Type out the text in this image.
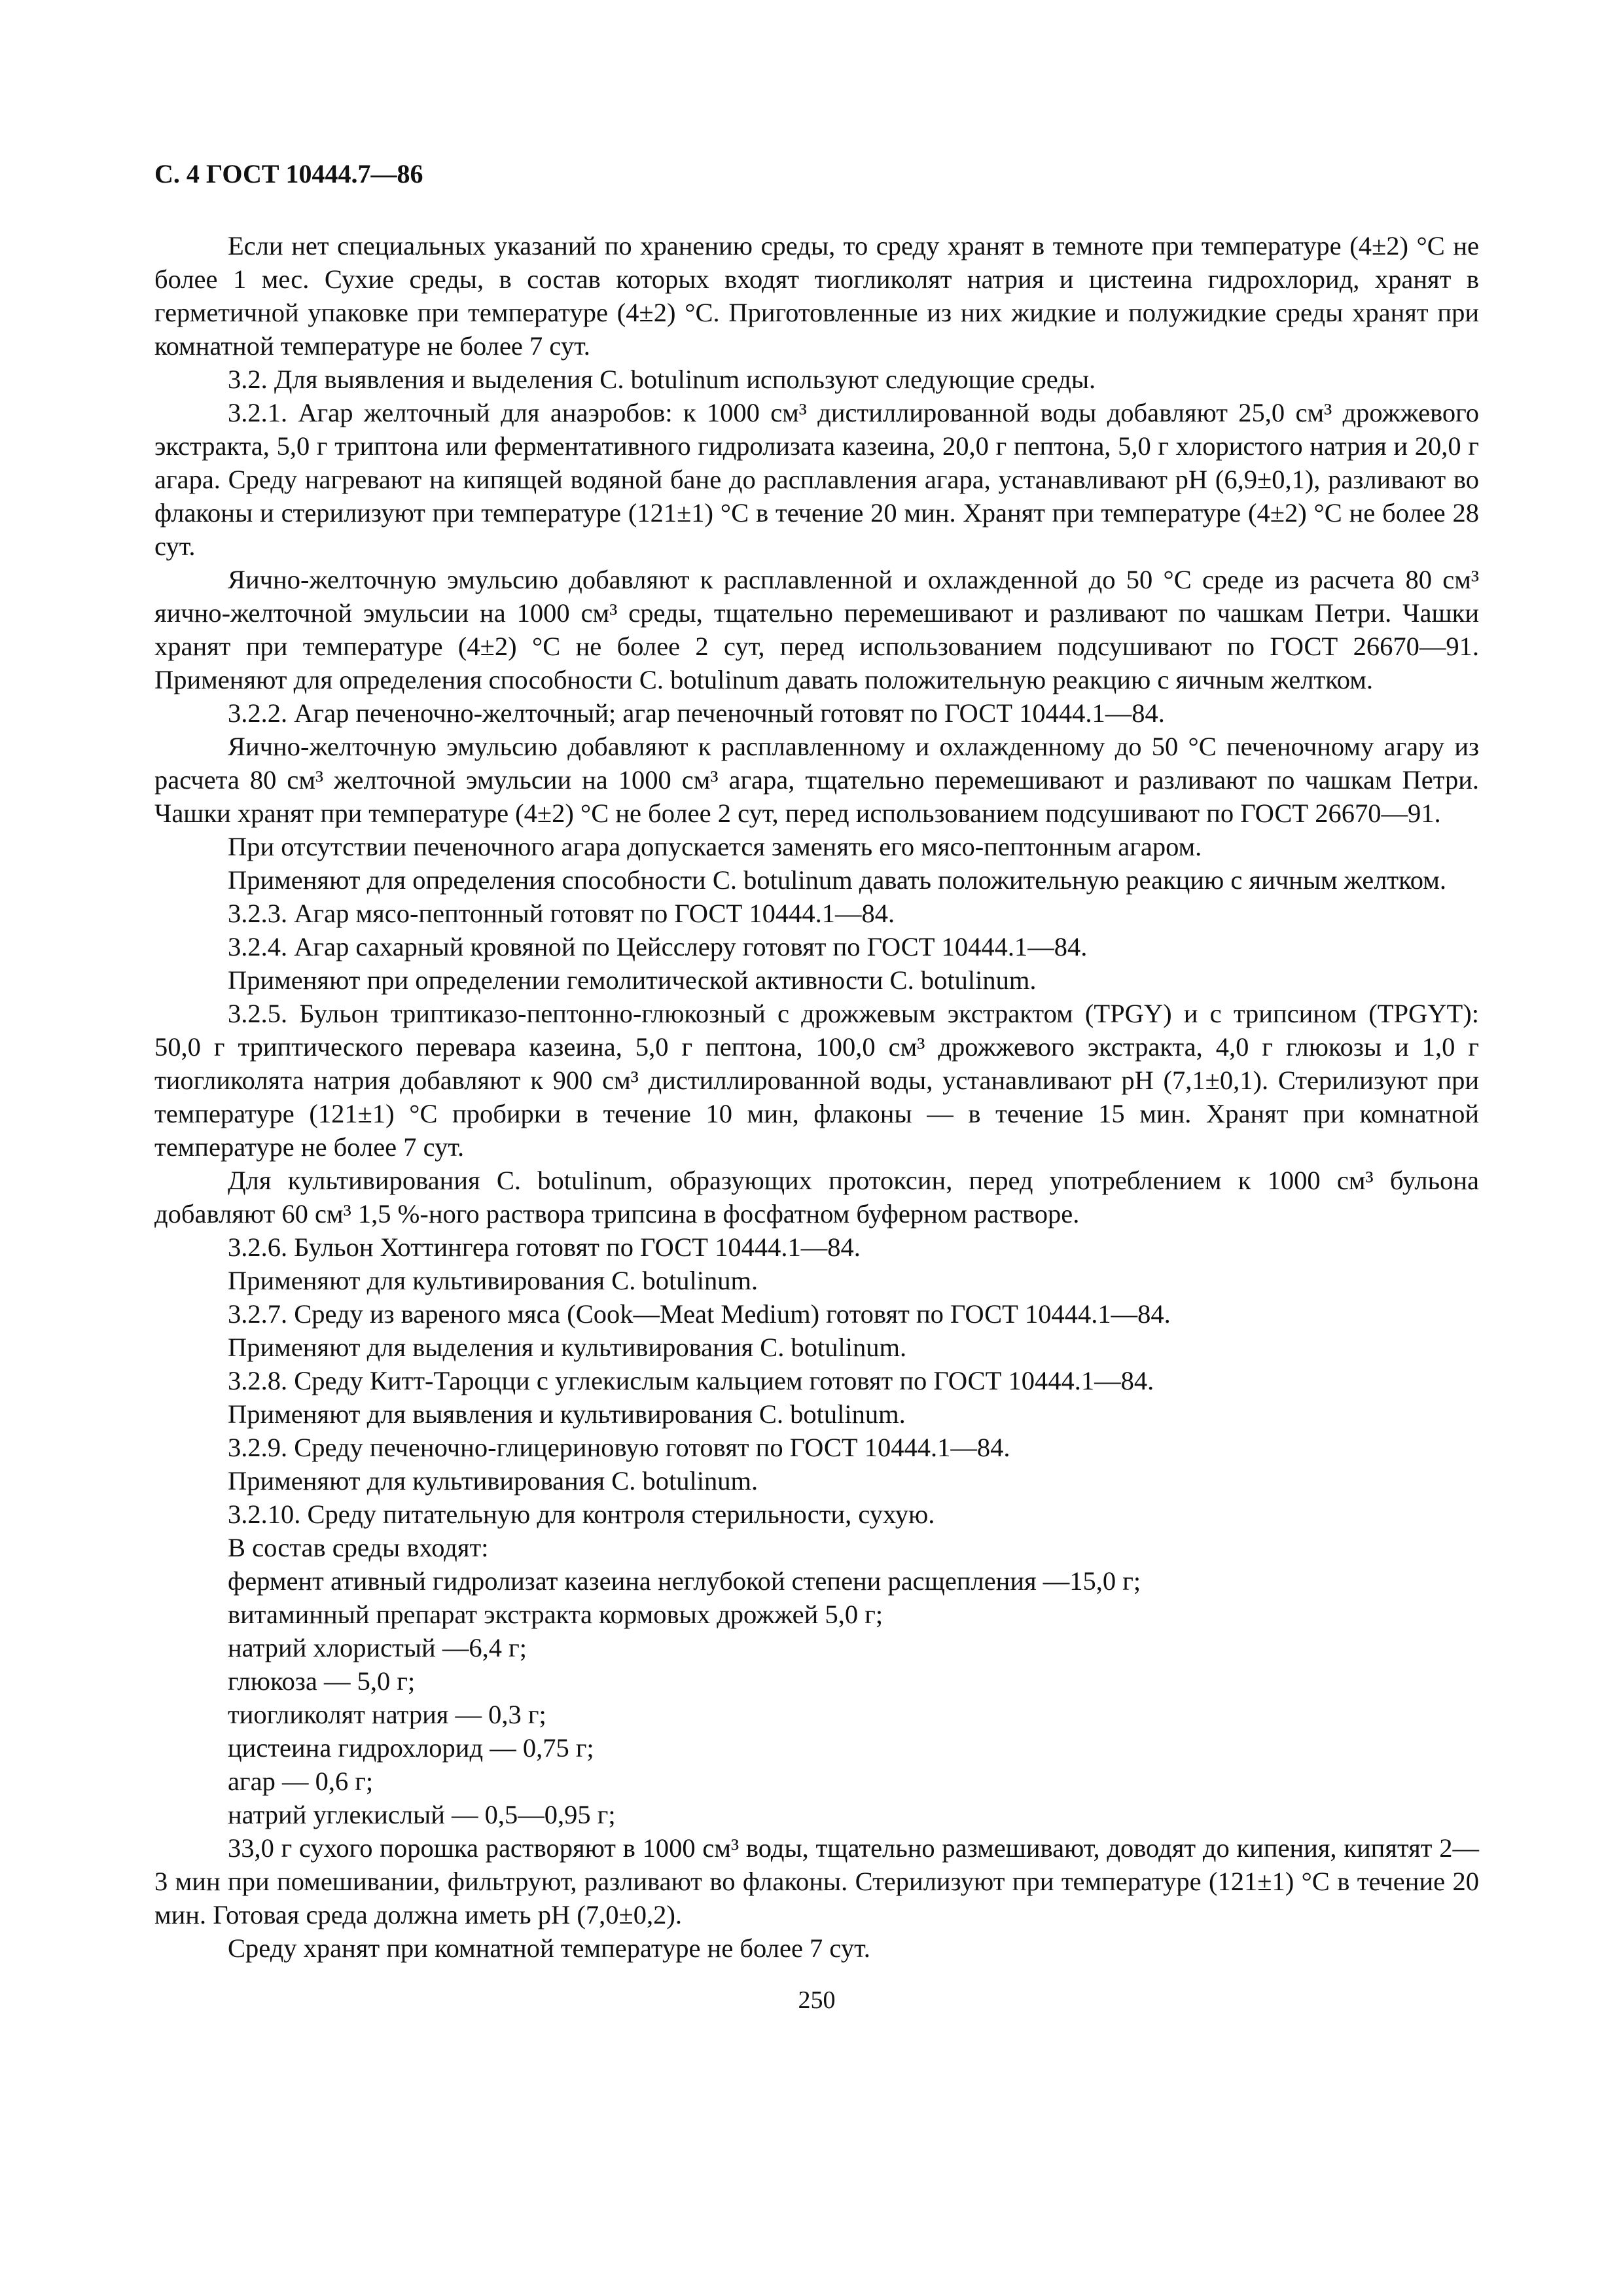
С. 4 ГОСТ 10444.7—86

Если нет специальных указаний по хранению среды, то среду хранят в темноте при температуре (4±2) °С не более 1 мес. Сухие среды, в состав которых входят тиогликолят натрия и цистеина гидрохлорид, хранят в герметичной упаковке при температуре (4±2) °С. Приготовленные из них жидкие и полужидкие среды хранят при комнатной температуре не более 7 сут.

3.2. Для выявления и выделения C. botulinum используют следующие среды.

3.2.1. Агар желточный для анаэробов: к 1000 см³ дистиллированной воды добавляют 25,0 см³ дрожжевого экстракта, 5,0 г триптона или ферментативного гидролизата казеина, 20,0 г пептона, 5,0 г хлористого натрия и 20,0 г агара. Среду нагревают на кипящей водяной бане до расплавления агара, устанавливают рН (6,9±0,1), разливают во флаконы и стерилизуют при температуре (121±1) °С в течение 20 мин. Хранят при температуре (4±2) °С не более 28 сут.

Яично-желточную эмульсию добавляют к расплавленной и охлажденной до 50 °С среде из расчета 80 см³ яично-желточной эмульсии на 1000 см³ среды, тщательно перемешивают и разливают по чашкам Петри. Чашки хранят при температуре (4±2) °С не более 2 сут, перед использованием подсушивают по ГОСТ 26670—91. Применяют для определения способности C. botulinum давать положительную реакцию с яичным желтком.

3.2.2. Агар печеночно-желточный; агар печеночный готовят по ГОСТ 10444.1—84.

Яично-желточную эмульсию добавляют к расплавленному и охлажденному до 50 °С печеночному агару из расчета 80 см³ желточной эмульсии на 1000 см³ агара, тщательно перемешивают и разливают по чашкам Петри. Чашки хранят при температуре (4±2) °С не более 2 сут, перед использованием подсушивают по ГОСТ 26670—91.

При отсутствии печеночного агара допускается заменять его мясо-пептонным агаром.

Применяют для определения способности C. botulinum давать положительную реакцию с яичным желтком.

3.2.3. Агар мясо-пептонный готовят по ГОСТ 10444.1—84.

3.2.4. Агар сахарный кровяной по Цейсслеру готовят по ГОСТ 10444.1—84.

Применяют при определении гемолитической активности C. botulinum.

3.2.5. Бульон триптиказо-пептонно-глюкозный с дрожжевым экстрактом (TPGY) и с трипсином (TPGYT): 50,0 г триптического перевара казеина, 5,0 г пептона, 100,0 см³ дрожжевого экстракта, 4,0 г глюкозы и 1,0 г тиогликолята натрия добавляют к 900 см³ дистиллированной воды, устанавливают рН (7,1±0,1). Стерилизуют при температуре (121±1) °С пробирки в течение 10 мин, флаконы — в течение 15 мин. Хранят при комнатной температуре не более 7 сут.

Для культивирования C. botulinum, образующих протоксин, перед употреблением к 1000 см³ бульона добавляют 60 см³ 1,5 %-ного раствора трипсина в фосфатном буферном растворе.

3.2.6. Бульон Хоттингера готовят по ГОСТ 10444.1—84.

Применяют для культивирования C. botulinum.

3.2.7. Среду из вареного мяса (Cook—Meat Medium) готовят по ГОСТ 10444.1—84.

Применяют для выделения и культивирования C. botulinum.

3.2.8. Среду Китт-Тароцци с углекислым кальцием готовят по ГОСТ 10444.1—84.

Применяют для выявления и культивирования C. botulinum.

3.2.9. Среду печеночно-глицериновую готовят по ГОСТ 10444.1—84.

Применяют для культивирования C. botulinum.

3.2.10. Среду питательную для контроля стерильности, сухую.

В состав среды входят:

фермент ативный гидролизат казеина неглубокой степени расщепления —15,0 г;

витаминный препарат экстракта кормовых дрожжей 5,0 г;

натрий хлористый —6,4 г;

глюкоза — 5,0 г;

тиогликолят натрия — 0,3 г;

цистеина гидрохлорид — 0,75 г;

агар — 0,6 г;

натрий углекислый — 0,5—0,95 г;

33,0 г сухого порошка растворяют в 1000 см³ воды, тщательно размешивают, доводят до кипения, кипятят 2—3 мин при помешивании, фильтруют, разливают во флаконы. Стерилизуют при температуре (121±1) °С в течение 20 мин. Готовая среда должна иметь рН (7,0±0,2).

Среду хранят при комнатной температуре не более 7 сут.

250
